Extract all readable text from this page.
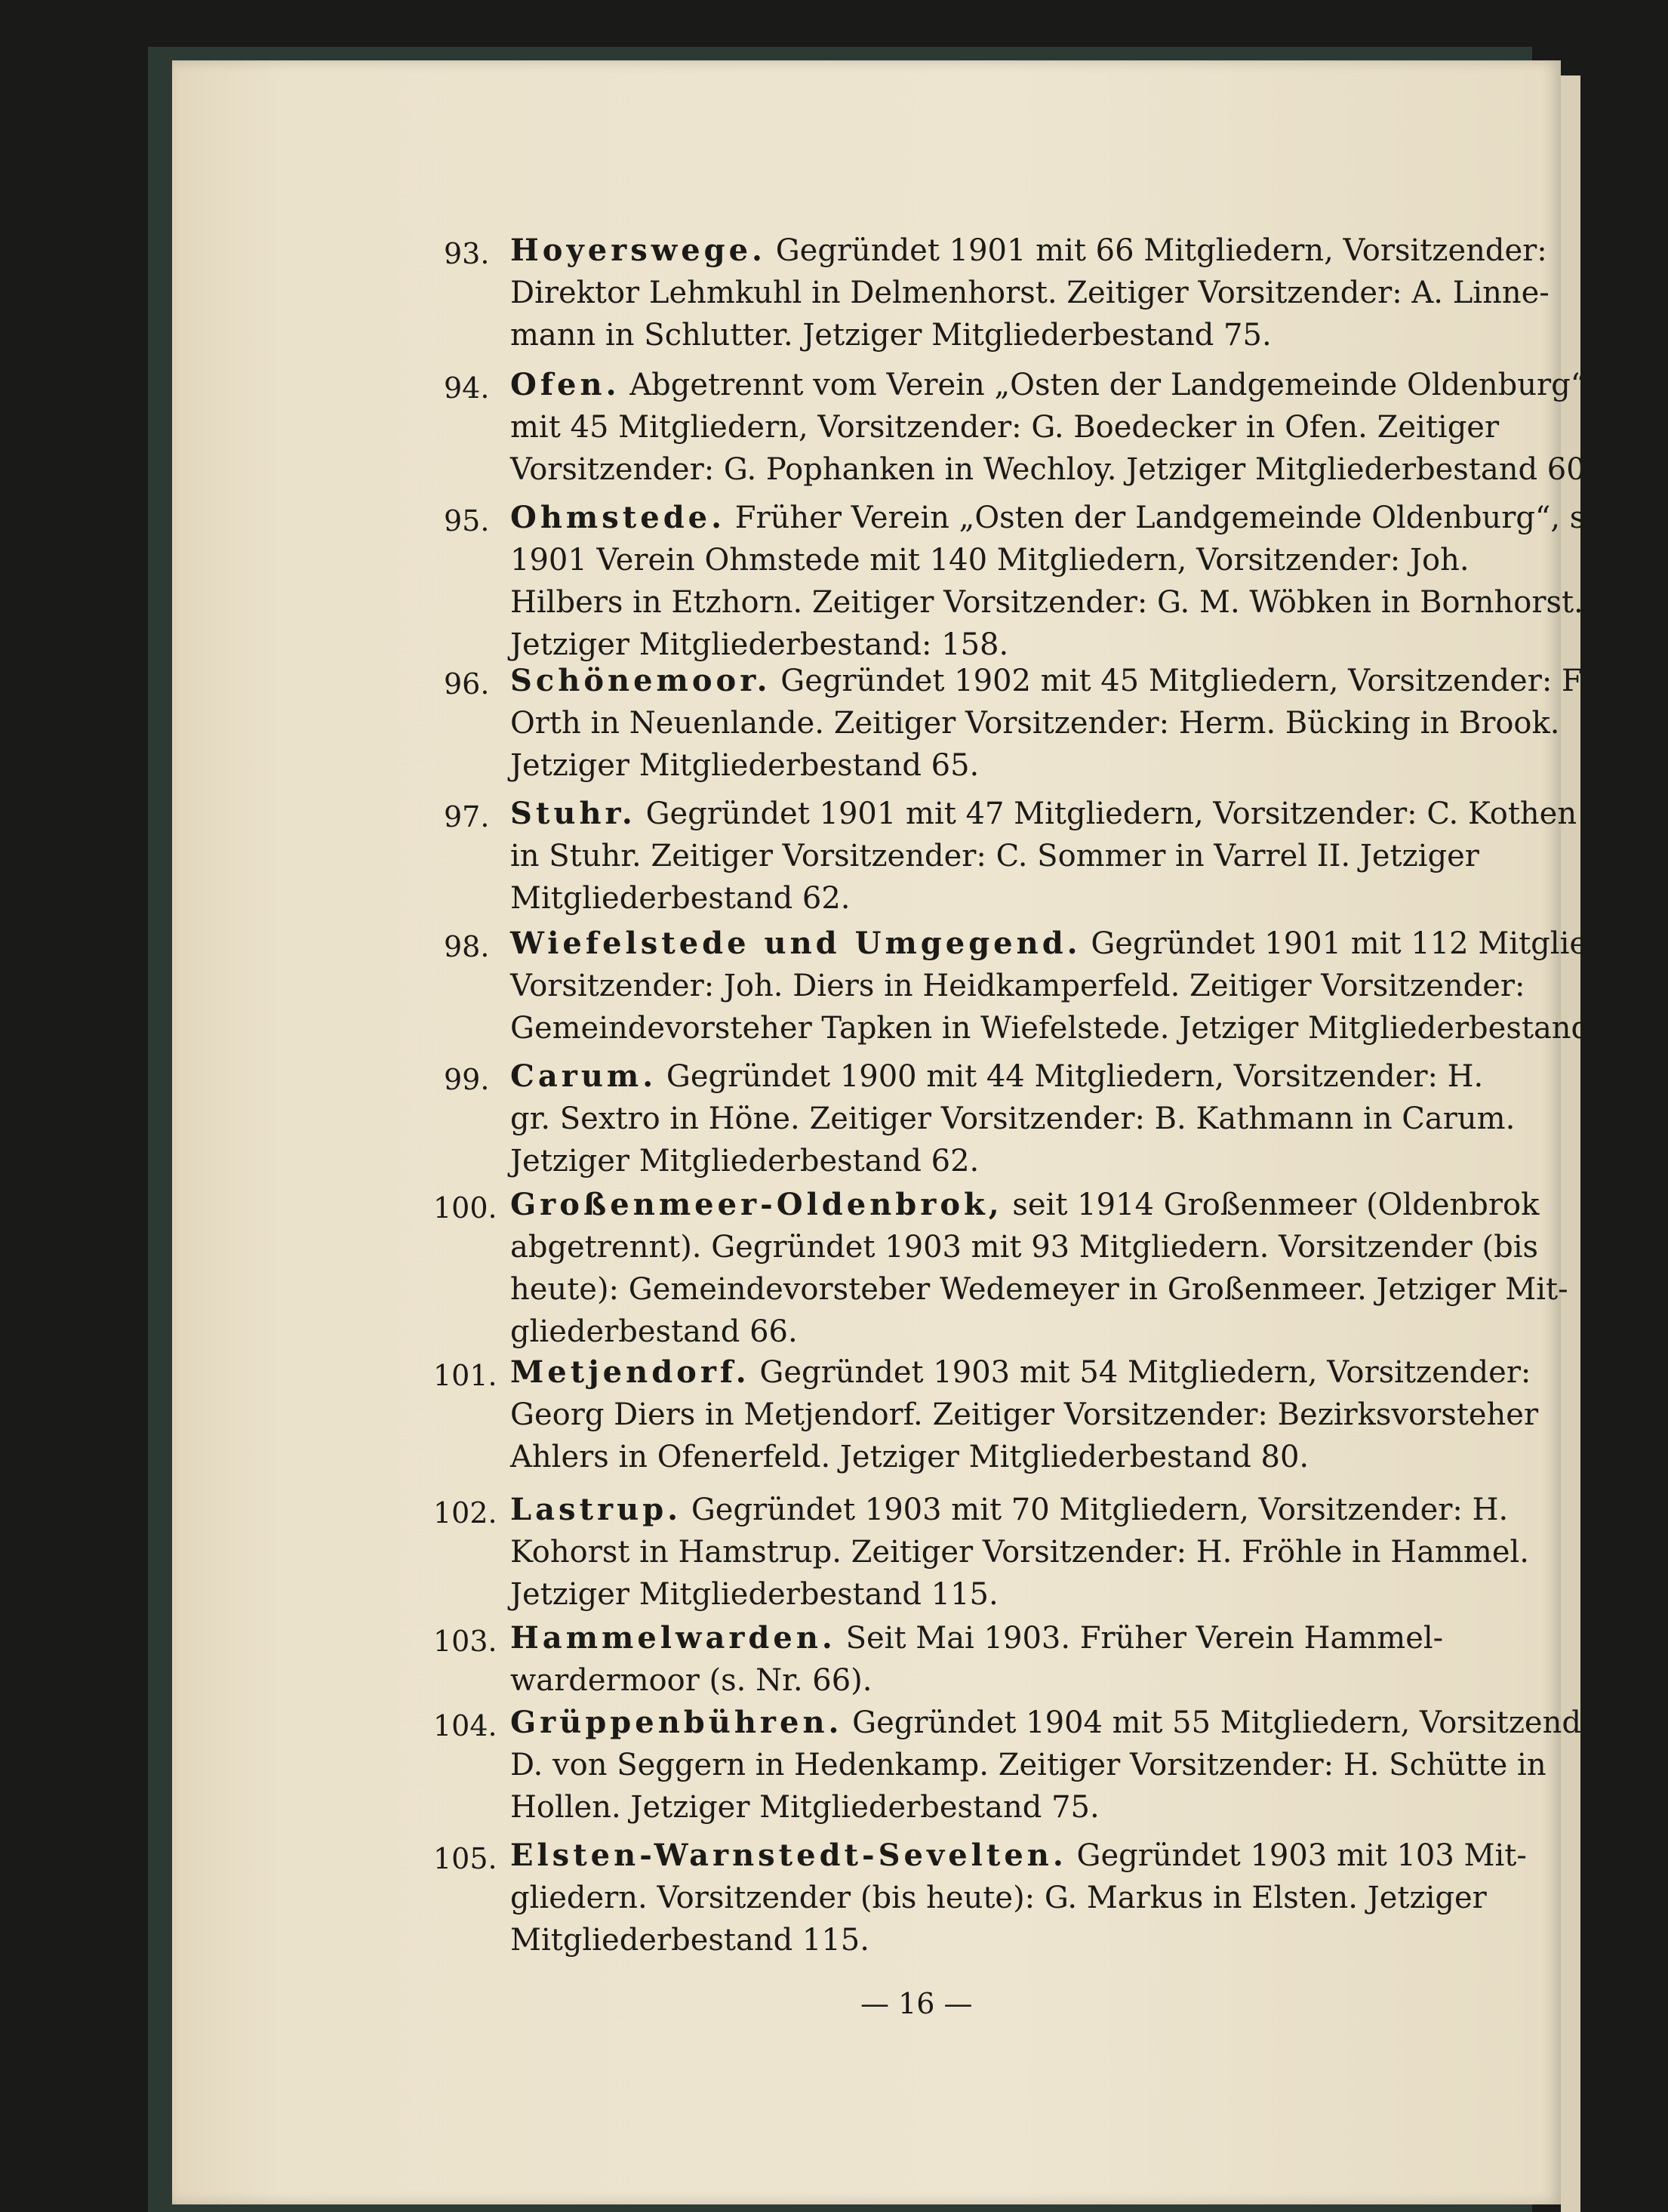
93. Hoyerswege. Gegründet 1901 mit 66 Mitgliedern, Vorsitzender:
Direktor Lehmkuhl in Delmenhorst. Zeitiger Vorsitzender: A. Linne-
mann in Schlutter. Jetziger Mitgliederbestand 75.
94. Ofen. Abgetrennt vom Verein „Osten der Landgemeinde Oldenburg“
mit 45 Mitgliedern, Vorsitzender: G. Boedecker in Ofen. Zeitiger
Vorsitzender: G. Pophanken in Wechloy. Jetziger Mitgliederbestand 60.
95. Ohmstede. Früher Verein „Osten der Landgemeinde Oldenburg“, seit
1901 Verein Ohmstede mit 140 Mitgliedern, Vorsitzender: Joh.
Hilbers in Etzhorn. Zeitiger Vorsitzender: G. M. Wöbken in Bornhorst.
Jetziger Mitgliederbestand: 158.
96. Schönemoor. Gegründet 1902 mit 45 Mitgliedern, Vorsitzender: F.
Orth in Neuenlande. Zeitiger Vorsitzender: Herm. Bücking in Brook.
Jetziger Mitgliederbestand 65.
97. Stuhr. Gegründet 1901 mit 47 Mitgliedern, Vorsitzender: C. Kothen
in Stuhr. Zeitiger Vorsitzender: C. Sommer in Varrel II. Jetziger
Mitgliederbestand 62.
98. Wiefelstede und Umgegend. Gegründet 1901 mit 112 Mitgliedern,
Vorsitzender: Joh. Diers in Heidkamperfeld. Zeitiger Vorsitzender:
Gemeindevorsteher Tapken in Wiefelstede. Jetziger Mitgliederbestand 128.
99. Carum. Gegründet 1900 mit 44 Mitgliedern, Vorsitzender: H.
gr. Sextro in Höne. Zeitiger Vorsitzender: B. Kathmann in Carum.
Jetziger Mitgliederbestand 62.
100. Großenmeer-Oldenbrok, seit 1914 Großenmeer (Oldenbrok
abgetrennt). Gegründet 1903 mit 93 Mitgliedern. Vorsitzender (bis
heute): Gemeindevorsteber Wedemeyer in Großenmeer. Jetziger Mit-
gliederbestand 66.
101. Metjendorf. Gegründet 1903 mit 54 Mitgliedern, Vorsitzender:
Georg Diers in Metjendorf. Zeitiger Vorsitzender: Bezirksvorsteher
Ahlers in Ofenerfeld. Jetziger Mitgliederbestand 80.
102. Lastrup. Gegründet 1903 mit 70 Mitgliedern, Vorsitzender: H.
Kohorst in Hamstrup. Zeitiger Vorsitzender: H. Fröhle in Hammel.
Jetziger Mitgliederbestand 115.
103. Hammelwarden. Seit Mai 1903. Früher Verein Hammel-
wardermoor (s. Nr. 66).
104. Grüppenbühren. Gegründet 1904 mit 55 Mitgliedern, Vorsitzender:
D. von Seggern in Hedenkamp. Zeitiger Vorsitzender: H. Schütte in
Hollen. Jetziger Mitgliederbestand 75.
105. Elsten-Warnstedt-Sevelten. Gegründet 1903 mit 103 Mit-
gliedern. Vorsitzender (bis heute): G. Markus in Elsten. Jetziger
Mitgliederbestand 115.
— 16 —
